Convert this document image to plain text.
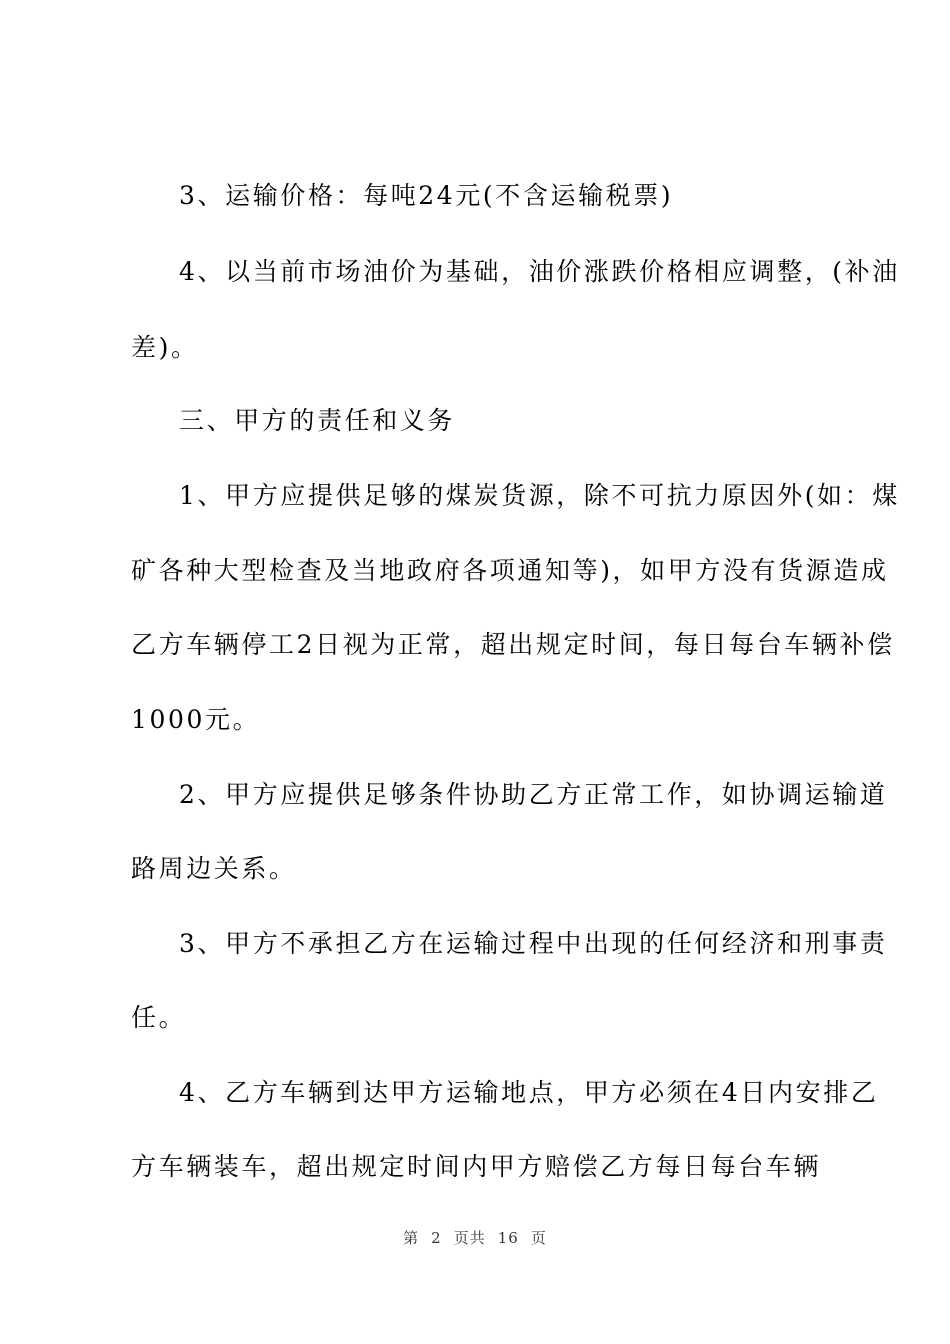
3、运输价格：每吨24元(不含运输税票)
4、以当前市场油价为基础，油价涨跌价格相应调整，(补油
差)。
三、甲方的责任和义务
1、甲方应提供足够的煤炭货源，除不可抗力原因外(如：煤
矿各种大型检查及当地政府各项通知等)，如甲方没有货源造成
乙方车辆停工2日视为正常，超出规定时间，每日每台车辆补偿
1000元。
2、甲方应提供足够条件协助乙方正常工作，如协调运输道
路周边关系。
3、甲方不承担乙方在运输过程中出现的任何经济和刑事责
任。
4、乙方车辆到达甲方运输地点，甲方必须在4日内安排乙
方车辆装车，超出规定时间内甲方赔偿乙方每日每台车辆
第 2 页共 16 页
